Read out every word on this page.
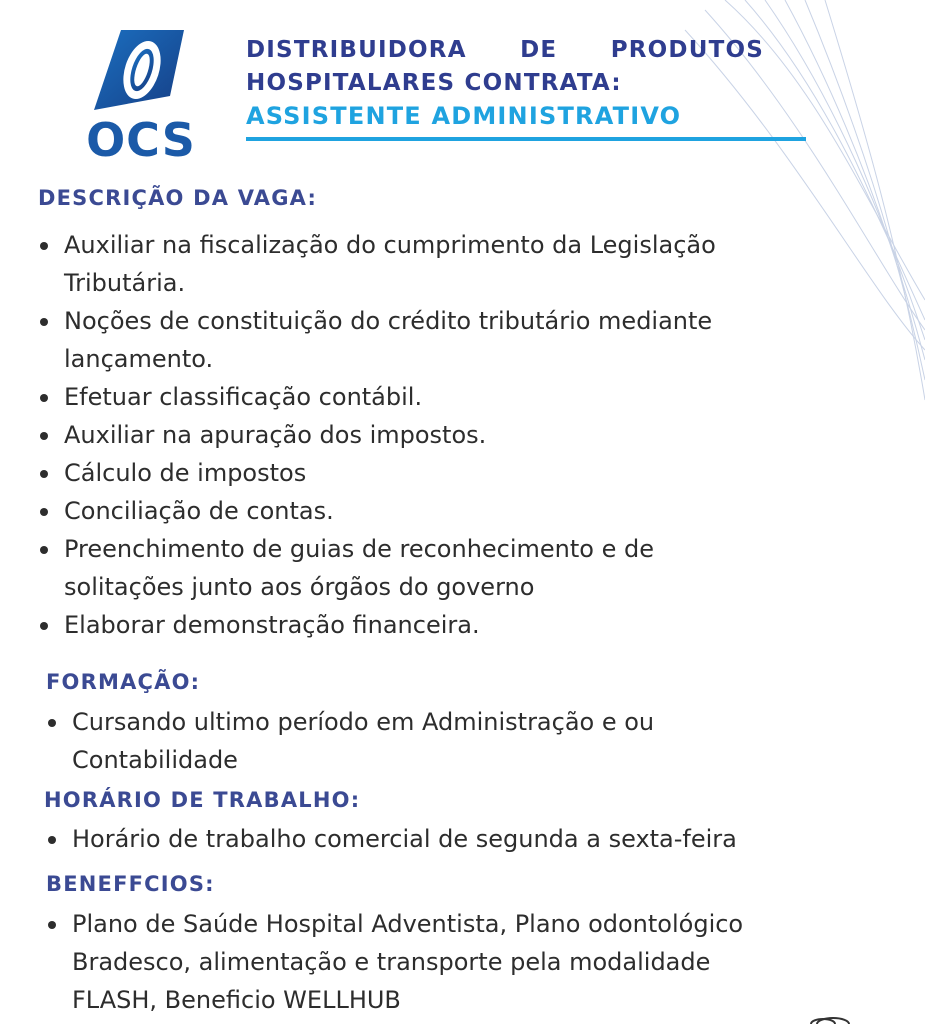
OCS
DISTRIBUIDORA DE PRODUTOS
HOSPITALARES CONTRATA:
ASSISTENTE ADMINISTRATIVO
DESCRIÇÃO DA VAGA:
Auxiliar na fiscalização do cumprimento da Legislação
Tributária.
Noções de constituição do crédito tributário mediante
lançamento.
Efetuar classificação contábil.
Auxiliar na apuração dos impostos.
Cálculo de impostos
Conciliação de contas.
Preenchimento de guias de reconhecimento e de
solitações junto aos órgãos do governo
Elaborar demonstração financeira.
FORMAÇÃO:
Cursando ultimo período em Administração e ou
Contabilidade
HORÁRIO DE TRABALHO:
Horário de trabalho comercial de segunda a sexta-feira
BENEFFCIOS:
Plano de Saúde Hospital Adventista, Plano odontológico
Bradesco, alimentação e transporte pela modalidade
FLASH, Beneficio WELLHUB
